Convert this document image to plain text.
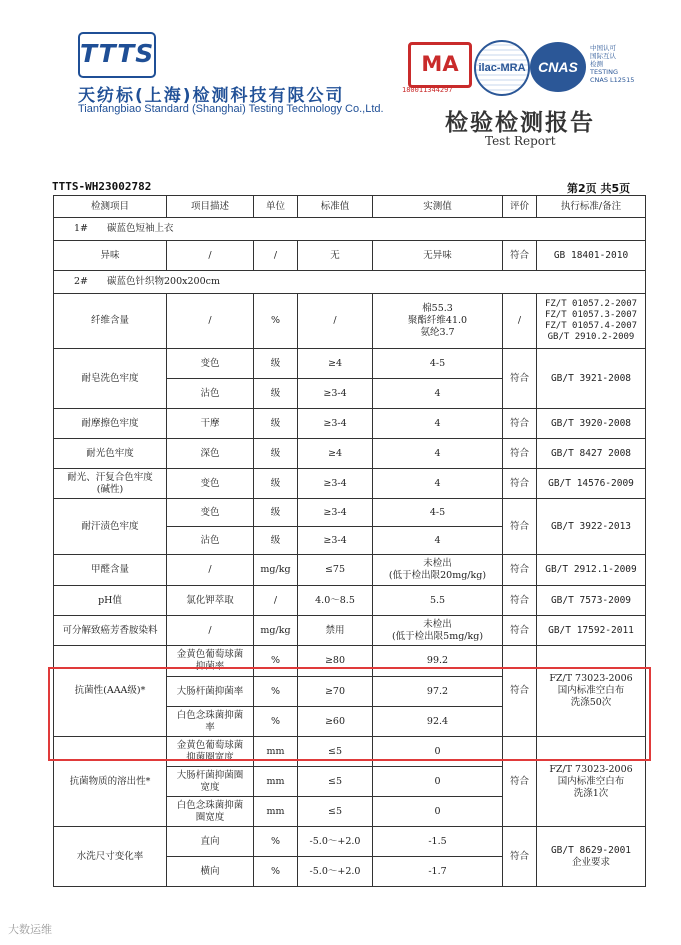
TTTS
天纺标(上海)检测科技有限公司
Tianfangbiao Standard (Shanghai) Testing Technology Co.,Ltd.
MA
180011344297
ilac-MRA CNAS
中国认可
国际互认
检测
TESTING
CNAS L12515
检验检测报告
Test Report
TTTS-WH23002782	第2页 共5页
检测项目	项目描述	单位	标准值	实测值	评价	执行标准/备注
1#　　碳蓝色短袖上衣						
异味	/	/	无	无异味	符合	GB 18401-2010
2#　　碳蓝色针织物200x200cm						
纤维含量	/	%	/	棉55.3
聚酯纤维41.0
氨纶3.7	/	FZ/T 01057.2-2007
FZ/T 01057.3-2007
FZ/T 01057.4-2007
GB/T 2910.2-2009
耐皂洗色牢度	变色	级	≥4	4-5	符合	GB/T 3921-2008
	沾色	级	≥3-4	4		
耐摩擦色牢度	干摩	级	≥3-4	4	符合	GB/T 3920-2008
耐光色牢度	深色	级	≥4	4	符合	GB/T 8427 2008
耐光、汗复合色牢度
(碱性)	变色	级	≥3-4	4	符合	GB/T 14576-2009
耐汗渍色牢度	变色	级	≥3-4	4-5	符合	GB/T 3922-2013
	沾色	级	≥3-4	4		
甲醛含量	/	mg/kg	≤75	未检出
(低于检出限20mg/kg)	符合	GB/T 2912.1-2009
pH值	氯化钾萃取	/	4.0～8.5	5.5	符合	GB/T 7573-2009
可分解致癌芳香胺染料	/	mg/kg	禁用	未检出
(低于检出限5mg/kg)	符合	GB/T 17592-2011
抗菌性(AAA级)*	金黄色葡萄球菌
抑菌率	%	≥80	99.2	符合	FZ/T 73023-2006
国内标准空白布
洗涤50次
	大肠杆菌抑菌率	%	≥70	97.2		
	白色念珠菌抑菌
率	%	≥60	92.4		
抗菌物质的溶出性*	金黄色葡萄球菌
抑菌圈宽度	mm	≤5	0	符合	FZ/T 73023-2006
国内标准空白布
洗涤1次
	大肠杆菌抑菌圈
宽度	mm	≤5	0		
	白色念珠菌抑菌
圈宽度	mm	≤5	0		
水洗尺寸变化率	直向	%	-5.0～+2.0	-1.5	符合	GB/T 8629-2001
企业要求
	横向	%	-5.0～+2.0	-1.7		
大数运维
